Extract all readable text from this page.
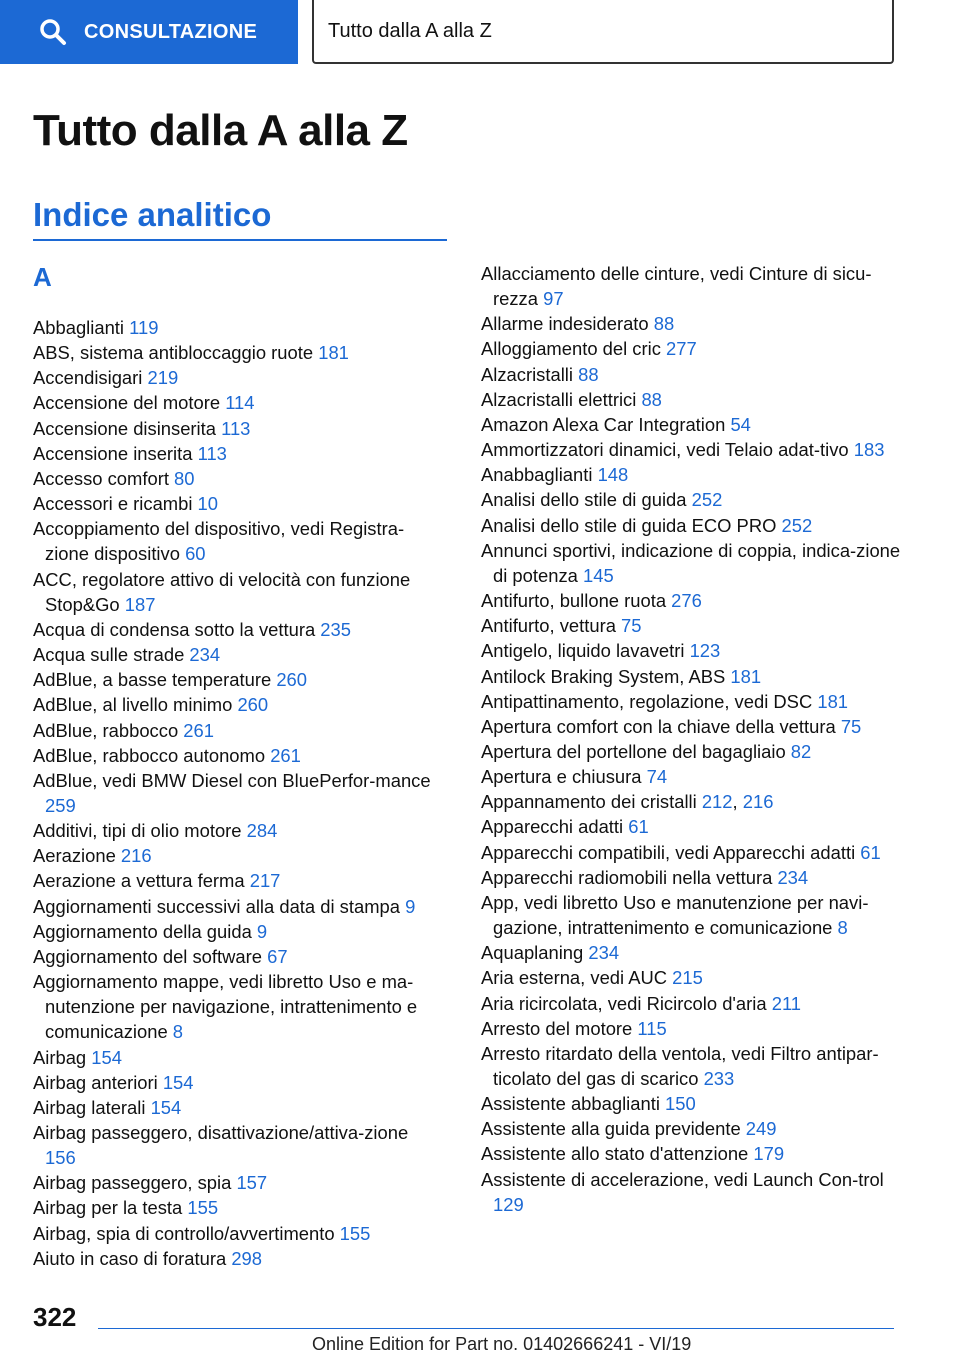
CONSULTAZIONE	Tutto dalla A alla Z
Tutto dalla A alla Z
Indice analitico
A
Abbaglianti 119
ABS, sistema antibloccaggio ruote 181
Accendisigari 219
Accensione del motore 114
Accensione disinserita 113
Accensione inserita 113
Accesso comfort 80
Accessori e ricambi 10
Accoppiamento del dispositivo, vedi Registra-zione dispositivo 60
ACC, regolatore attivo di velocità con funzione Stop&Go 187
Acqua di condensa sotto la vettura 235
Acqua sulle strade 234
AdBlue, a basse temperature 260
AdBlue, al livello minimo 260
AdBlue, rabbocco 261
AdBlue, rabbocco autonomo 261
AdBlue, vedi BMW Diesel con BluePerfor-mance 259
Additivi, tipi di olio motore 284
Aerazione 216
Aerazione a vettura ferma 217
Aggiornamenti successivi alla data di stampa 9
Aggiornamento della guida 9
Aggiornamento del software 67
Aggiornamento mappe, vedi libretto Uso e ma-nutenzione per navigazione, intrattenimento e comunicazione 8
Airbag 154
Airbag anteriori 154
Airbag laterali 154
Airbag passeggero, disattivazione/attiva-zione 156
Airbag passeggero, spia 157
Airbag per la testa 155
Airbag, spia di controllo/avvertimento 155
Aiuto in caso di foratura 298
Allacciamento delle cinture, vedi Cinture di sicu-rezza 97
Allarme indesiderato 88
Alloggiamento del cric 277
Alzacristalli 88
Alzacristalli elettrici 88
Amazon Alexa Car Integration 54
Ammortizzatori dinamici, vedi Telaio adat-tivo 183
Anabbaglianti 148
Analisi dello stile di guida 252
Analisi dello stile di guida ECO PRO 252
Annunci sportivi, indicazione di coppia, indica-zione di potenza 145
Antifurto, bullone ruota 276
Antifurto, vettura 75
Antigelo, liquido lavavetri 123
Antilock Braking System, ABS 181
Antipattinamento, regolazione, vedi DSC 181
Apertura comfort con la chiave della vettura 75
Apertura del portellone del bagagliaio 82
Apertura e chiusura 74
Appannamento dei cristalli 212, 216
Apparecchi adatti 61
Apparecchi compatibili, vedi Apparecchi adatti 61
Apparecchi radiomobili nella vettura 234
App, vedi libretto Uso e manutenzione per navi-gazione, intrattenimento e comunicazione 8
Aquaplaning 234
Aria esterna, vedi AUC 215
Aria ricircolata, vedi Ricircolo d'aria 211
Arresto del motore 115
Arresto ritardato della ventola, vedi Filtro antipar-ticolato del gas di scarico 233
Assistente abbaglianti 150
Assistente alla guida previdente 249
Assistente allo stato d'attenzione 179
Assistente di accelerazione, vedi Launch Con-trol 129
322
Online Edition for Part no. 01402666241 - VI/19
